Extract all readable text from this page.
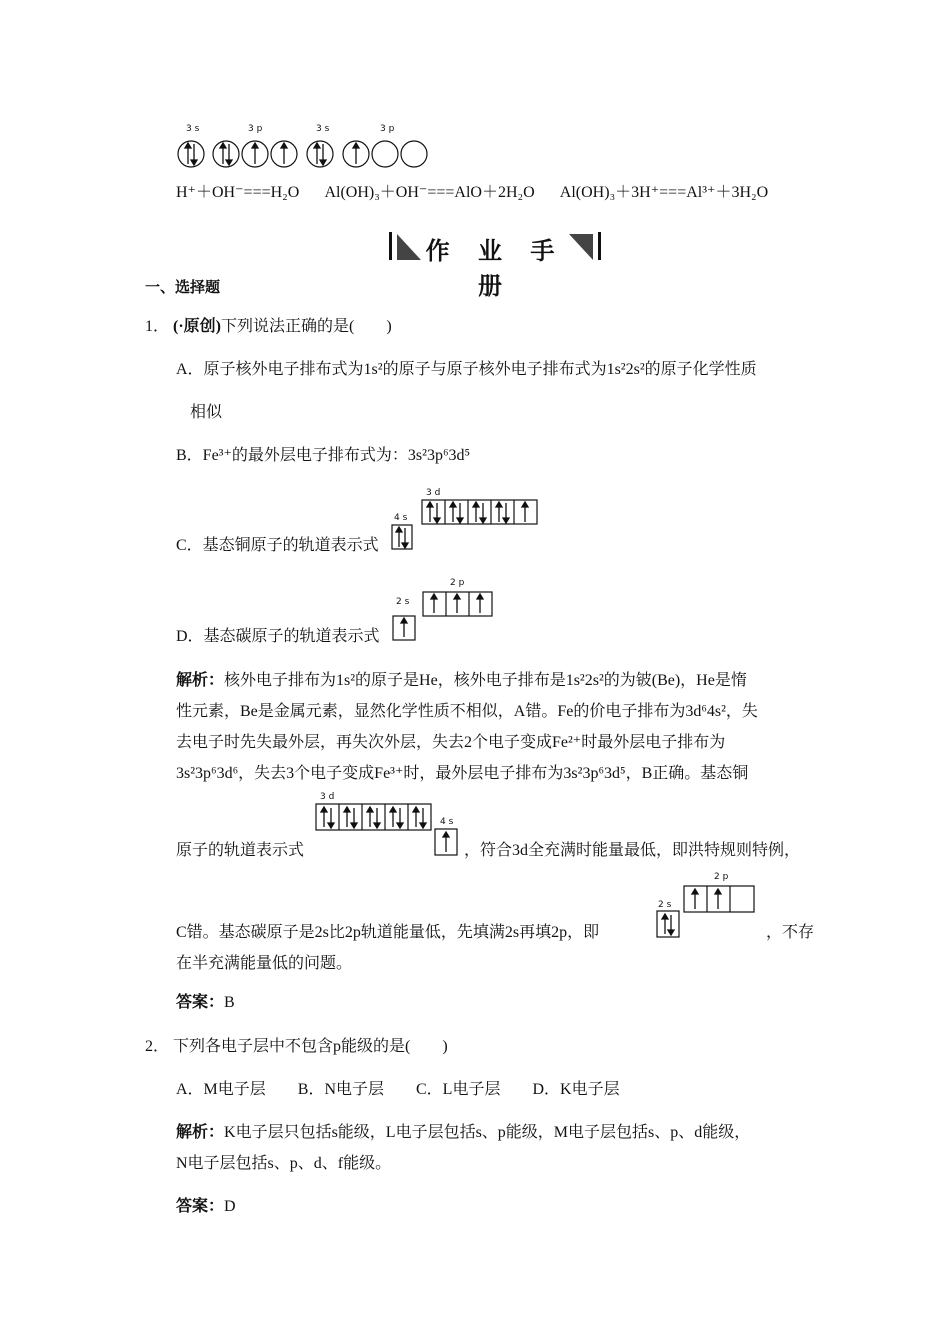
3 s	3 p	3 s	3 p
H⁺＋OH⁻===H₂O Al(OH)₃＋OH⁻===AlO＋2H₂O Al(OH)₃＋3H⁺===Al³⁺＋3H₂O
作 业 手 册
一、选择题
1． (·原创)下列说法正确的是(　　)
A．原子核外电子排布式为1s²的原子与原子核外电子排布式为1s²2s²的原子化学性质
相似
B．Fe³⁺的最外层电子排布式为：3s²3p⁶3d⁵
C．基态铜原子的轨道表示式
3 d
4 s
D．基态碳原子的轨道表示式
2 p
2 s
解析：核外电子排布为1s²的原子是He，核外电子排布是1s²2s²的为铍(Be)，He是惰
性元素，Be是金属元素，显然化学性质不相似，A错。Fe的价电子排布为3d⁶4s²，失
去电子时先失最外层，再失次外层，失去2个电子变成Fe²⁺时最外层电子排布为
3s²3p⁶3d⁶，失去3个电子变成Fe³⁺时，最外层电子排布为3s²3p⁶3d⁵，B正确。基态铜
原子的轨道表示式
3 d
4 s
，符合3d全充满时能量最低，即洪特规则特例，
C错。基态碳原子是2s比2p轨道能量低，先填满2s再填2p，即
2 p
2 s
，不存
在半充满能量低的问题。
答案：B
2． 下列各电子层中不包含p能级的是(　　)
A．M电子层　　B．N电子层　　C．L电子层　　D．K电子层
解析：K电子层只包括s能级，L电子层包括s、p能级，M电子层包括s、p、d能级，
N电子层包括s、p、d、f能级。
答案：D
